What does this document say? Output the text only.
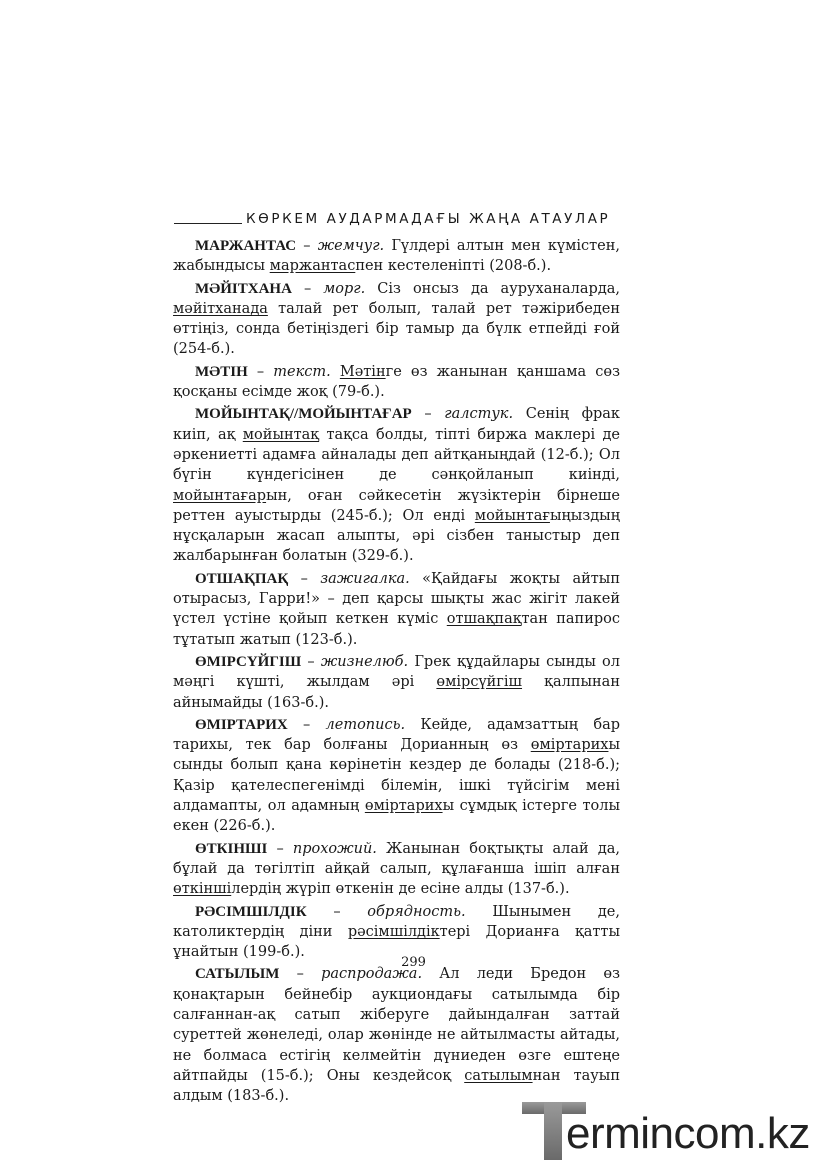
КӨРКЕМ АУДАРМАДАҒЫ ЖАҢА АТАУЛАР

МАРЖАНТАС – жемчуг. Гүлдері алтын мен күмістен, жабындысы маржантаспен кестеленіпті (208-б.).

МӘЙІТХАНА – морг. Сіз онсыз да ауруханаларда, мәйітханада талай рет болып, талай рет тәжірибеден өттіңіз, сонда бетіңіздегі бір тамыр да бүлк етпейді ғой (254-б.).

МӘТІН – текст. Мәтінге өз жанынан қаншама сөз қосқаны есімде жоқ (79-б.).

МОЙЫНТАҚ//МОЙЫНТАҒАР – галстук. Сенің фрак киіп, ақ мойынтақ тақса болды, тіпті биржа маклері де әркениетті адамға айналады деп айтқаныңдай (12-б.); Ол бүгін күндегісінен де сәнқойланып киінді, мойынтағарын, оған сәйкесетін жүзіктерін бірнеше реттен ауыстырды (245-б.); Ол енді мойынтағыңыздың нұсқаларын жасап алыпты, әрі сізбен таныстыр деп жалбарынған болатын (329-б.).

ОТШАҚПАҚ – зажигалка. «Қайдағы жоқты айтып отырасыз, Гарри!» – деп қарсы шықты жас жігіт лакей үстел үстіне қойып кеткен күміс отшақпақтан папирос тұтатып жатып (123-б.).

ӨМІРСҮЙГІШ – жизнелюб. Грек құдайлары сынды ол мәңгі күшті, жылдам әрі өмірсүйгіш қалпынан айнымайды (163-б.).

ӨМІРТАРИХ – летопись. Кейде, адамзаттың бар тарихы, тек бар болғаны Дорианның өз өміртарихы сынды болып қана көрінетін кездер де болады (218-б.); Қазір қателеспегенімді білемін, ішкі түйсігім мені алдамапты, ол адамның өміртарихы сұмдық істерге толы екен (226-б.).

ӨТКІНШІ – прохожий. Жанынан боқтықты алай да, бұлай да төгілтіп айқай салып, құлағанша ішіп алған өткіншілердің жүріп өткенін де есіне алды (137-б.).

РӘСІМШІЛДІК – обрядность. Шынымен де, католиктердің діни рәсімшілдіктері Дорианға қатты ұнайтын (199-б.).

САТЫЛЫМ – распродажа. Ал леди Бредон өз қонақтарын бейнебір аукциондағы сатылымда бір салғаннан-ақ сатып жіберуге дайындалған заттай суреттей жөнеледі, олар жөнінде не айтылмасты айтады, не болмаса естігің келмейтін дүниеден өзге ештеңе айтпайды (15-б.); Оны кездейсоқ сатылымнан тауып алдым (183-б.).

299
ermincom.kz
